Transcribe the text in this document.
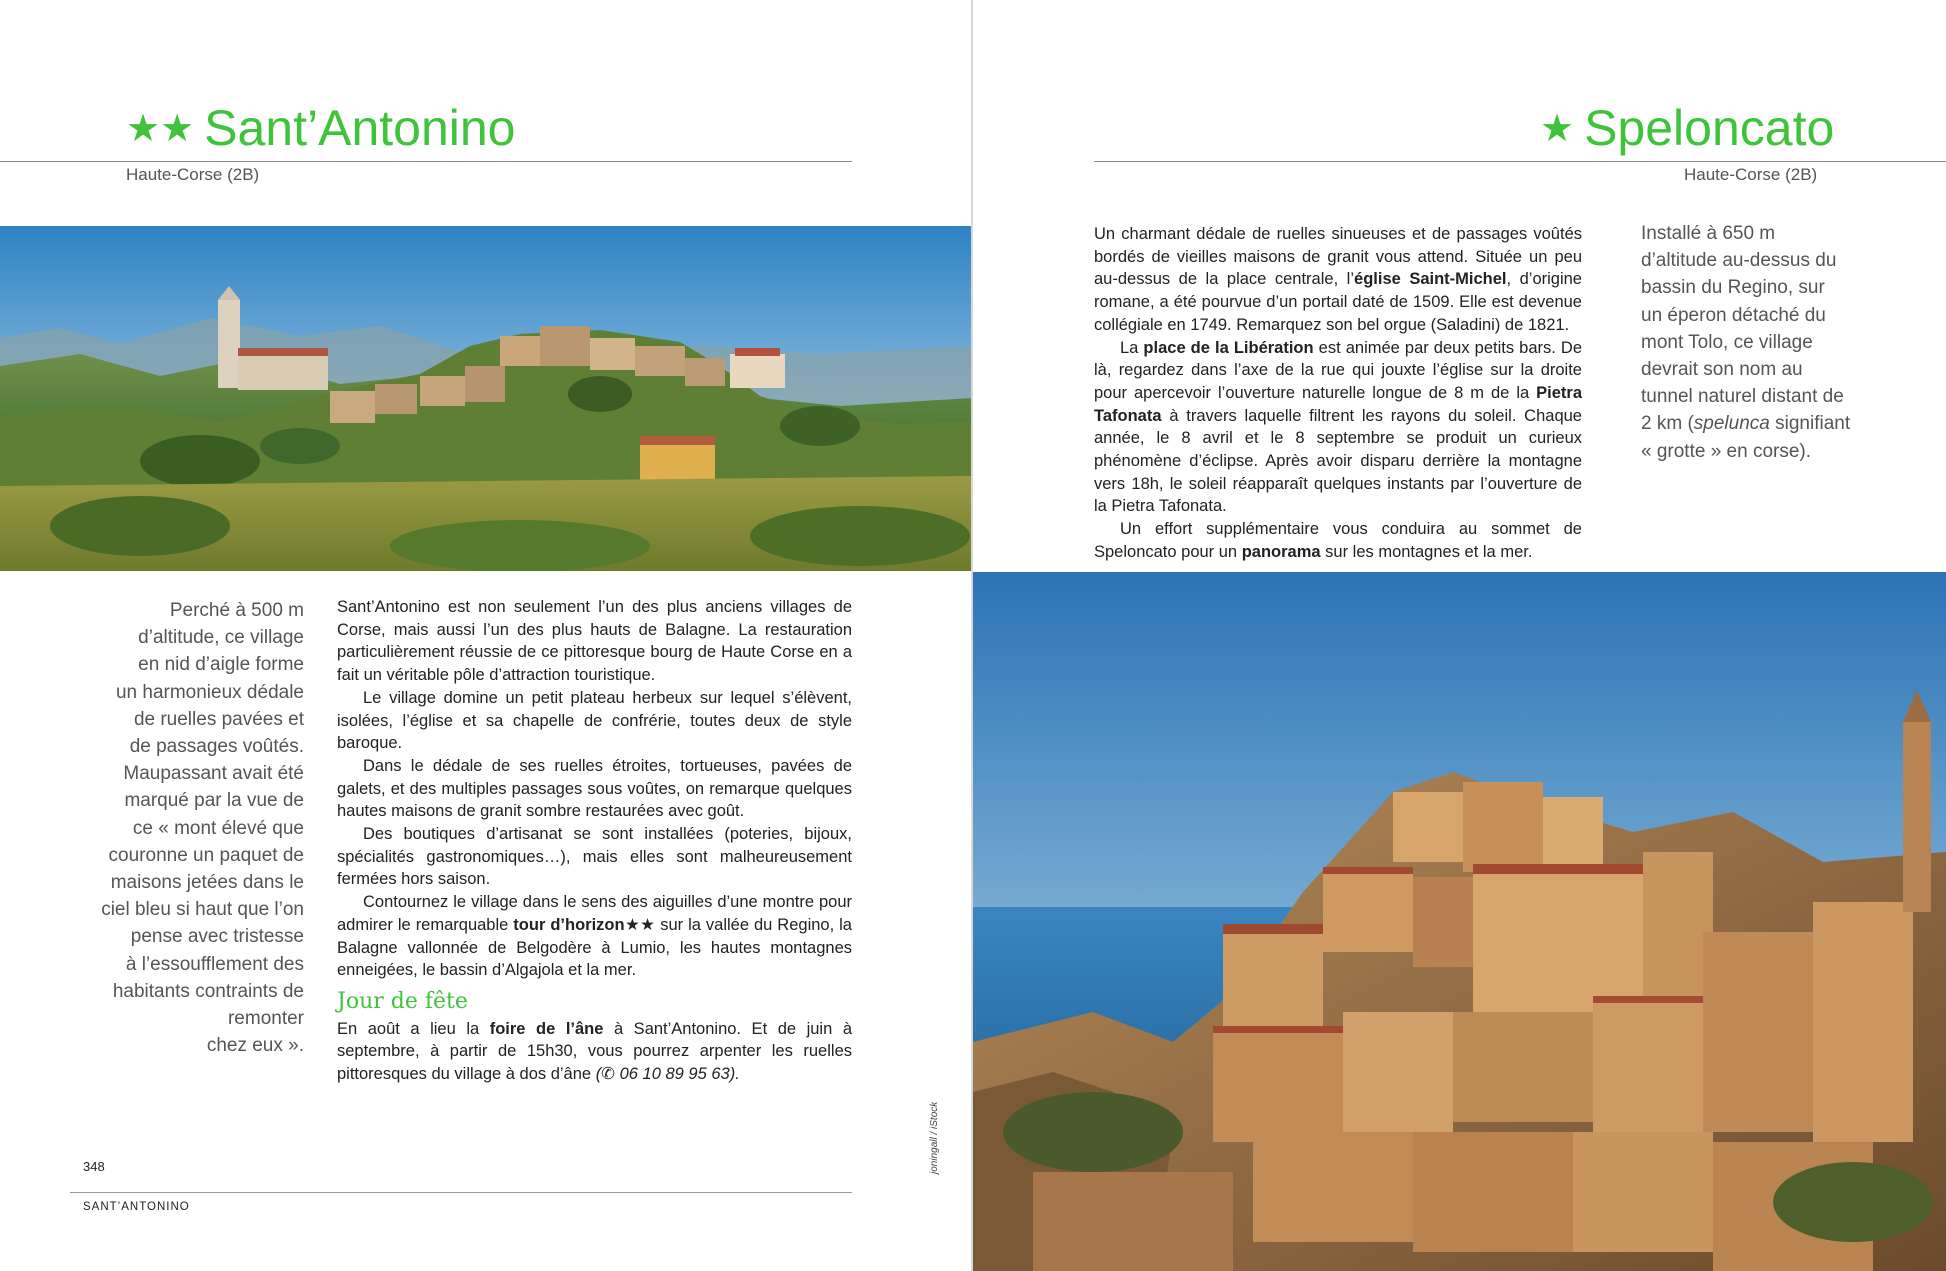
★★ Sant’Antonino
Haute-Corse (2B)
Perché à 500 m
d’altitude, ce village
en nid d’aigle forme
un harmonieux dédale
de ruelles pavées et
de passages voûtés.
Maupassant avait été
marqué par la vue de
ce « mont élevé que
couronne un paquet de
maisons jetées dans le
ciel bleu si haut que l’on
pense avec tristesse
à l’essoufflement des
habitants contraints de
remonter
chez eux ».

Sant’Antonino est non seulement l’un des plus anciens villages de Corse, mais aussi l’un des plus hauts de Balagne. La restauration particulièrement réussie de ce pittoresque bourg de Haute Corse en a fait un véritable pôle d’attraction touristique.

Le village domine un petit plateau herbeux sur lequel s’élèvent, isolées, l’église et sa chapelle de confrérie, toutes deux de style baroque.

Dans le dédale de ses ruelles étroites, tortueuses, pavées de galets, et des multiples passages sous voûtes, on remarque quelques hautes maisons de granit sombre restaurées avec goût.

Des boutiques d’artisanat se sont installées (poteries, bijoux, spécialités gastronomiques…), mais elles sont malheureusement fermées hors saison.

Contournez le village dans le sens des aiguilles d’une montre pour admirer le remarquable tour d’horizon★★ sur la vallée du Regino, la Balagne vallonnée de Belgodère à Lumio, les hautes montagnes enneigées, le bassin d’Algajola et la mer.

Jour de fête

En août a lieu la foire de l’âne à Sant’Antonino. Et de juin à septembre, à partir de 15h30, vous pourrez arpenter les ruelles pittoresques du village à dos d’âne (✆ 06 10 89 95 63).

348
SANT’ANTONINO
joningall / iStock
★ Speloncato
Haute-Corse (2B)

Un charmant dédale de ruelles sinueuses et de passages voûtés bordés de vieilles maisons de granit vous attend. Située un peu au-dessus de la place centrale, l’église Saint-Michel, d’origine romane, a été pourvue d’un portail daté de 1509. Elle est devenue collégiale en 1749. Remarquez son bel orgue (Saladini) de 1821.

La place de la Libération est animée par deux petits bars. De là, regardez dans l’axe de la rue qui jouxte l’église sur la droite pour apercevoir l’ouverture naturelle longue de 8 m de la Pietra Tafonata à travers laquelle filtrent les rayons du soleil. Chaque année, le 8 avril et le 8 septembre se produit un curieux phénomène d’éclipse. Après avoir disparu derrière la montagne vers 18h, le soleil réapparaît quelques instants par l’ouverture de la Pietra Tafonata.

Un effort supplémentaire vous conduira au sommet de Speloncato pour un panorama sur les montagnes et la mer.

Installé à 650 m
d’altitude au-dessus du
bassin du Regino, sur
un éperon détaché du
mont Tolo, ce village
devrait son nom au
tunnel naturel distant de
2 km (spelunca signifiant
« grotte » en corse).
